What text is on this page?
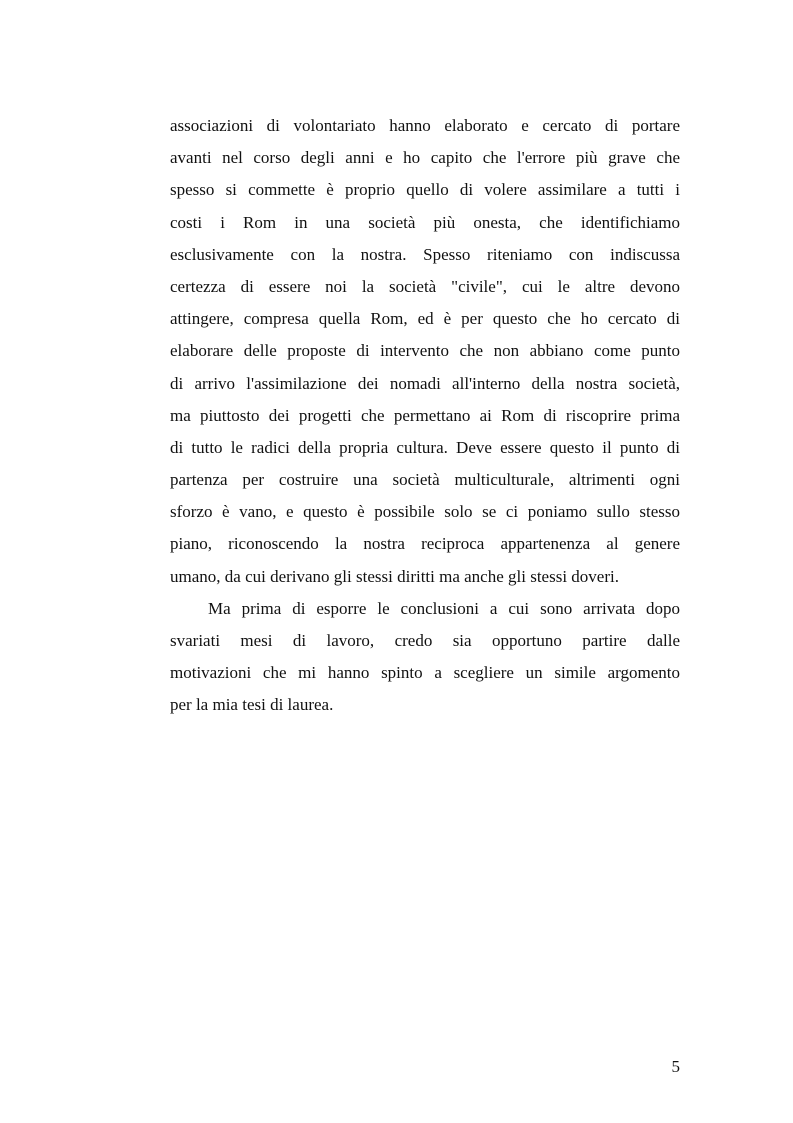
associazioni di volontariato hanno elaborato e cercato di portare
avanti nel corso degli anni e ho capito che l'errore più grave che
spesso si commette è proprio quello di volere assimilare a tutti i
costi i Rom in una società più onesta, che identifichiamo
esclusivamente con la nostra. Spesso riteniamo con indiscussa
certezza di essere noi la società "civile", cui le altre devono
attingere, compresa quella Rom, ed è per questo che ho cercato di
elaborare delle proposte di intervento che non abbiano come punto
di arrivo l'assimilazione dei nomadi all'interno della nostra società,
ma piuttosto dei progetti che permettano ai Rom di riscoprire prima
di tutto le radici della propria cultura. Deve essere questo il punto di
partenza per costruire una società multiculturale, altrimenti ogni
sforzo è vano, e questo è possibile solo se ci poniamo sullo stesso
piano, riconoscendo la nostra reciproca appartenenza al genere
umano, da cui derivano gli stessi diritti ma anche gli stessi doveri.
Ma prima di esporre le conclusioni a cui sono arrivata dopo
svariati mesi di lavoro, credo sia opportuno partire dalle
motivazioni che mi hanno spinto a scegliere un simile argomento
per la mia tesi di laurea.
5
